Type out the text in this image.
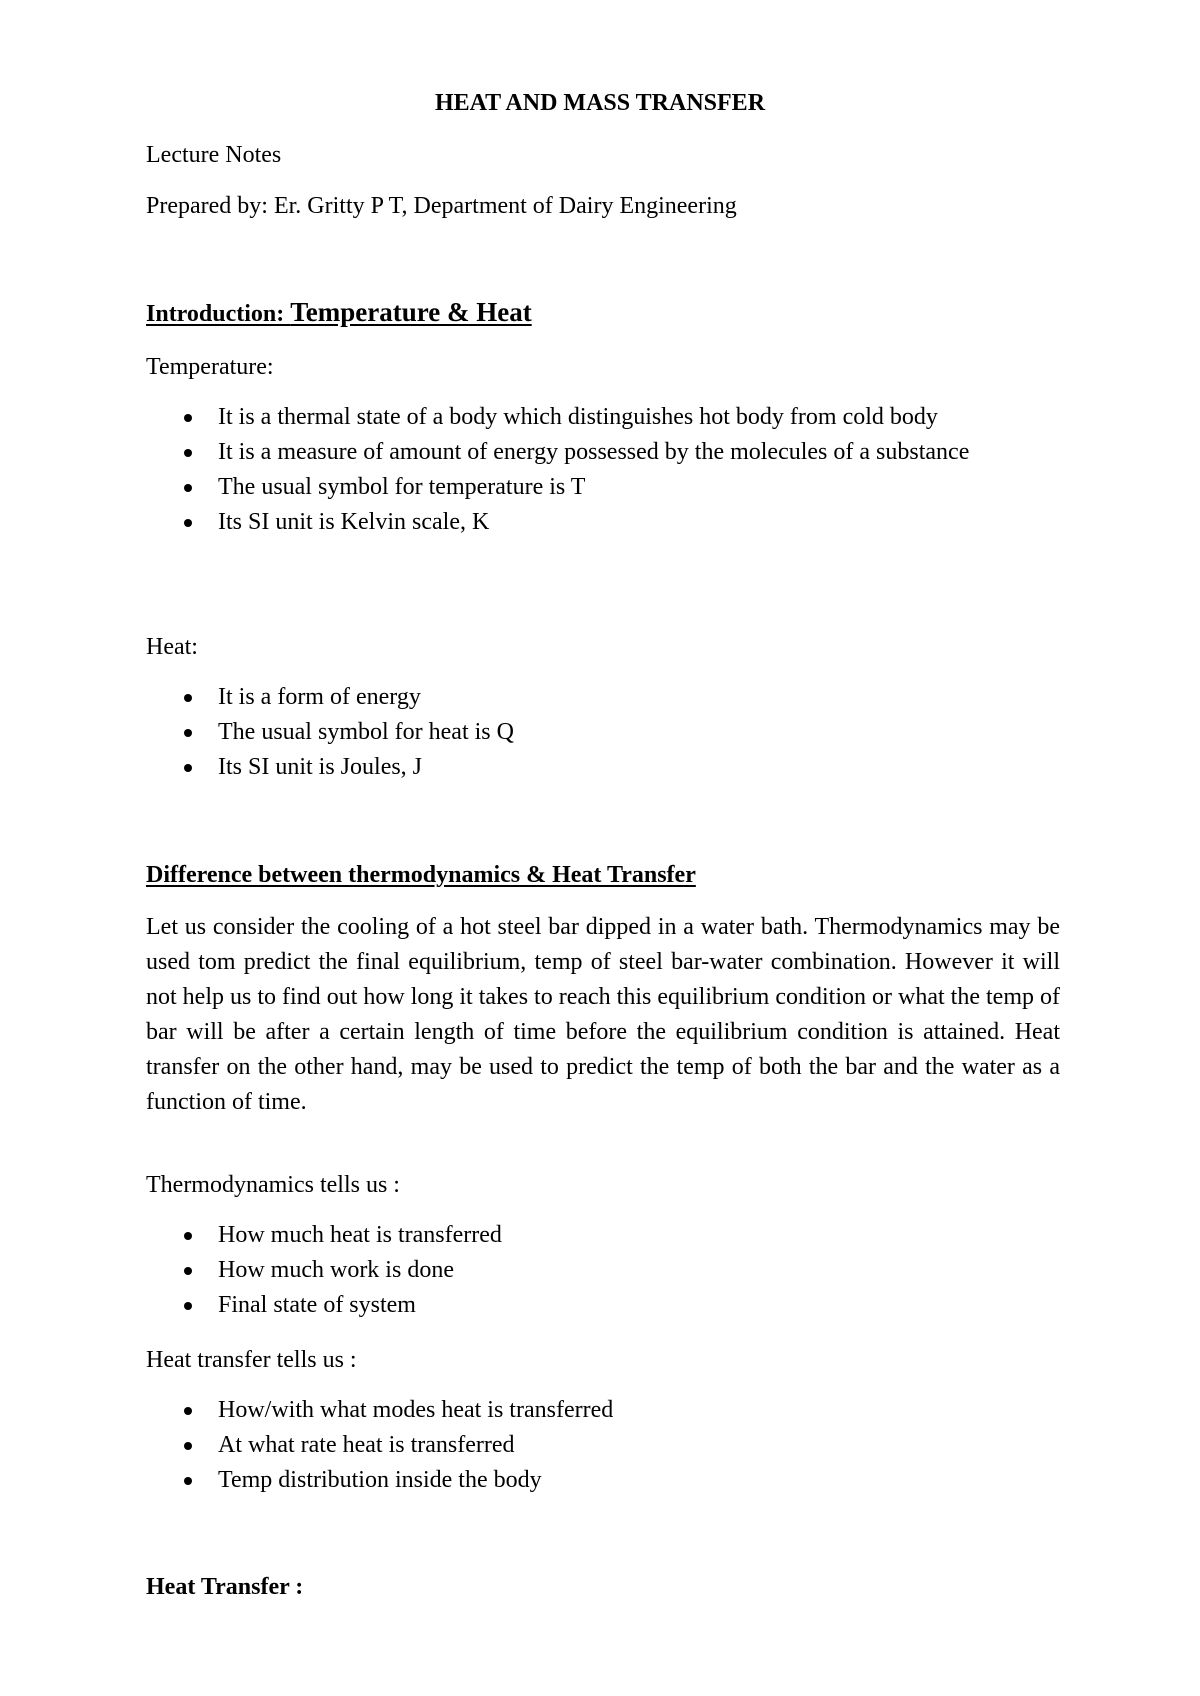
HEAT AND MASS TRANSFER
Lecture Notes
Prepared by: Er. Gritty P T, Department of Dairy Engineering
Introduction: Temperature & Heat
Temperature:
It is a thermal state of a body which distinguishes hot body from cold body
It is a measure of amount of energy possessed by the molecules of a substance
The usual symbol for temperature is T
Its SI unit is Kelvin scale, K
Heat:
It is a form of energy
The usual symbol for heat is Q
Its SI unit is Joules, J
Difference between thermodynamics & Heat Transfer

Let us consider the cooling of a hot steel bar dipped in a water bath. Thermodynamics may be used tom predict the final equilibrium, temp of steel bar-water combination. However it will not help us to find out how long it takes to reach this equilibrium condition or what the temp of bar will be after a certain length of time before the equilibrium condition is attained. Heat transfer on the other hand, may be used to predict the temp of both the bar and the water as a function of time.

Thermodynamics tells us :
How much heat is transferred
How much work is done
Final state of system
Heat transfer tells us :
How/with what modes heat is transferred
At what rate heat is transferred
Temp distribution inside the body
Heat Transfer :
